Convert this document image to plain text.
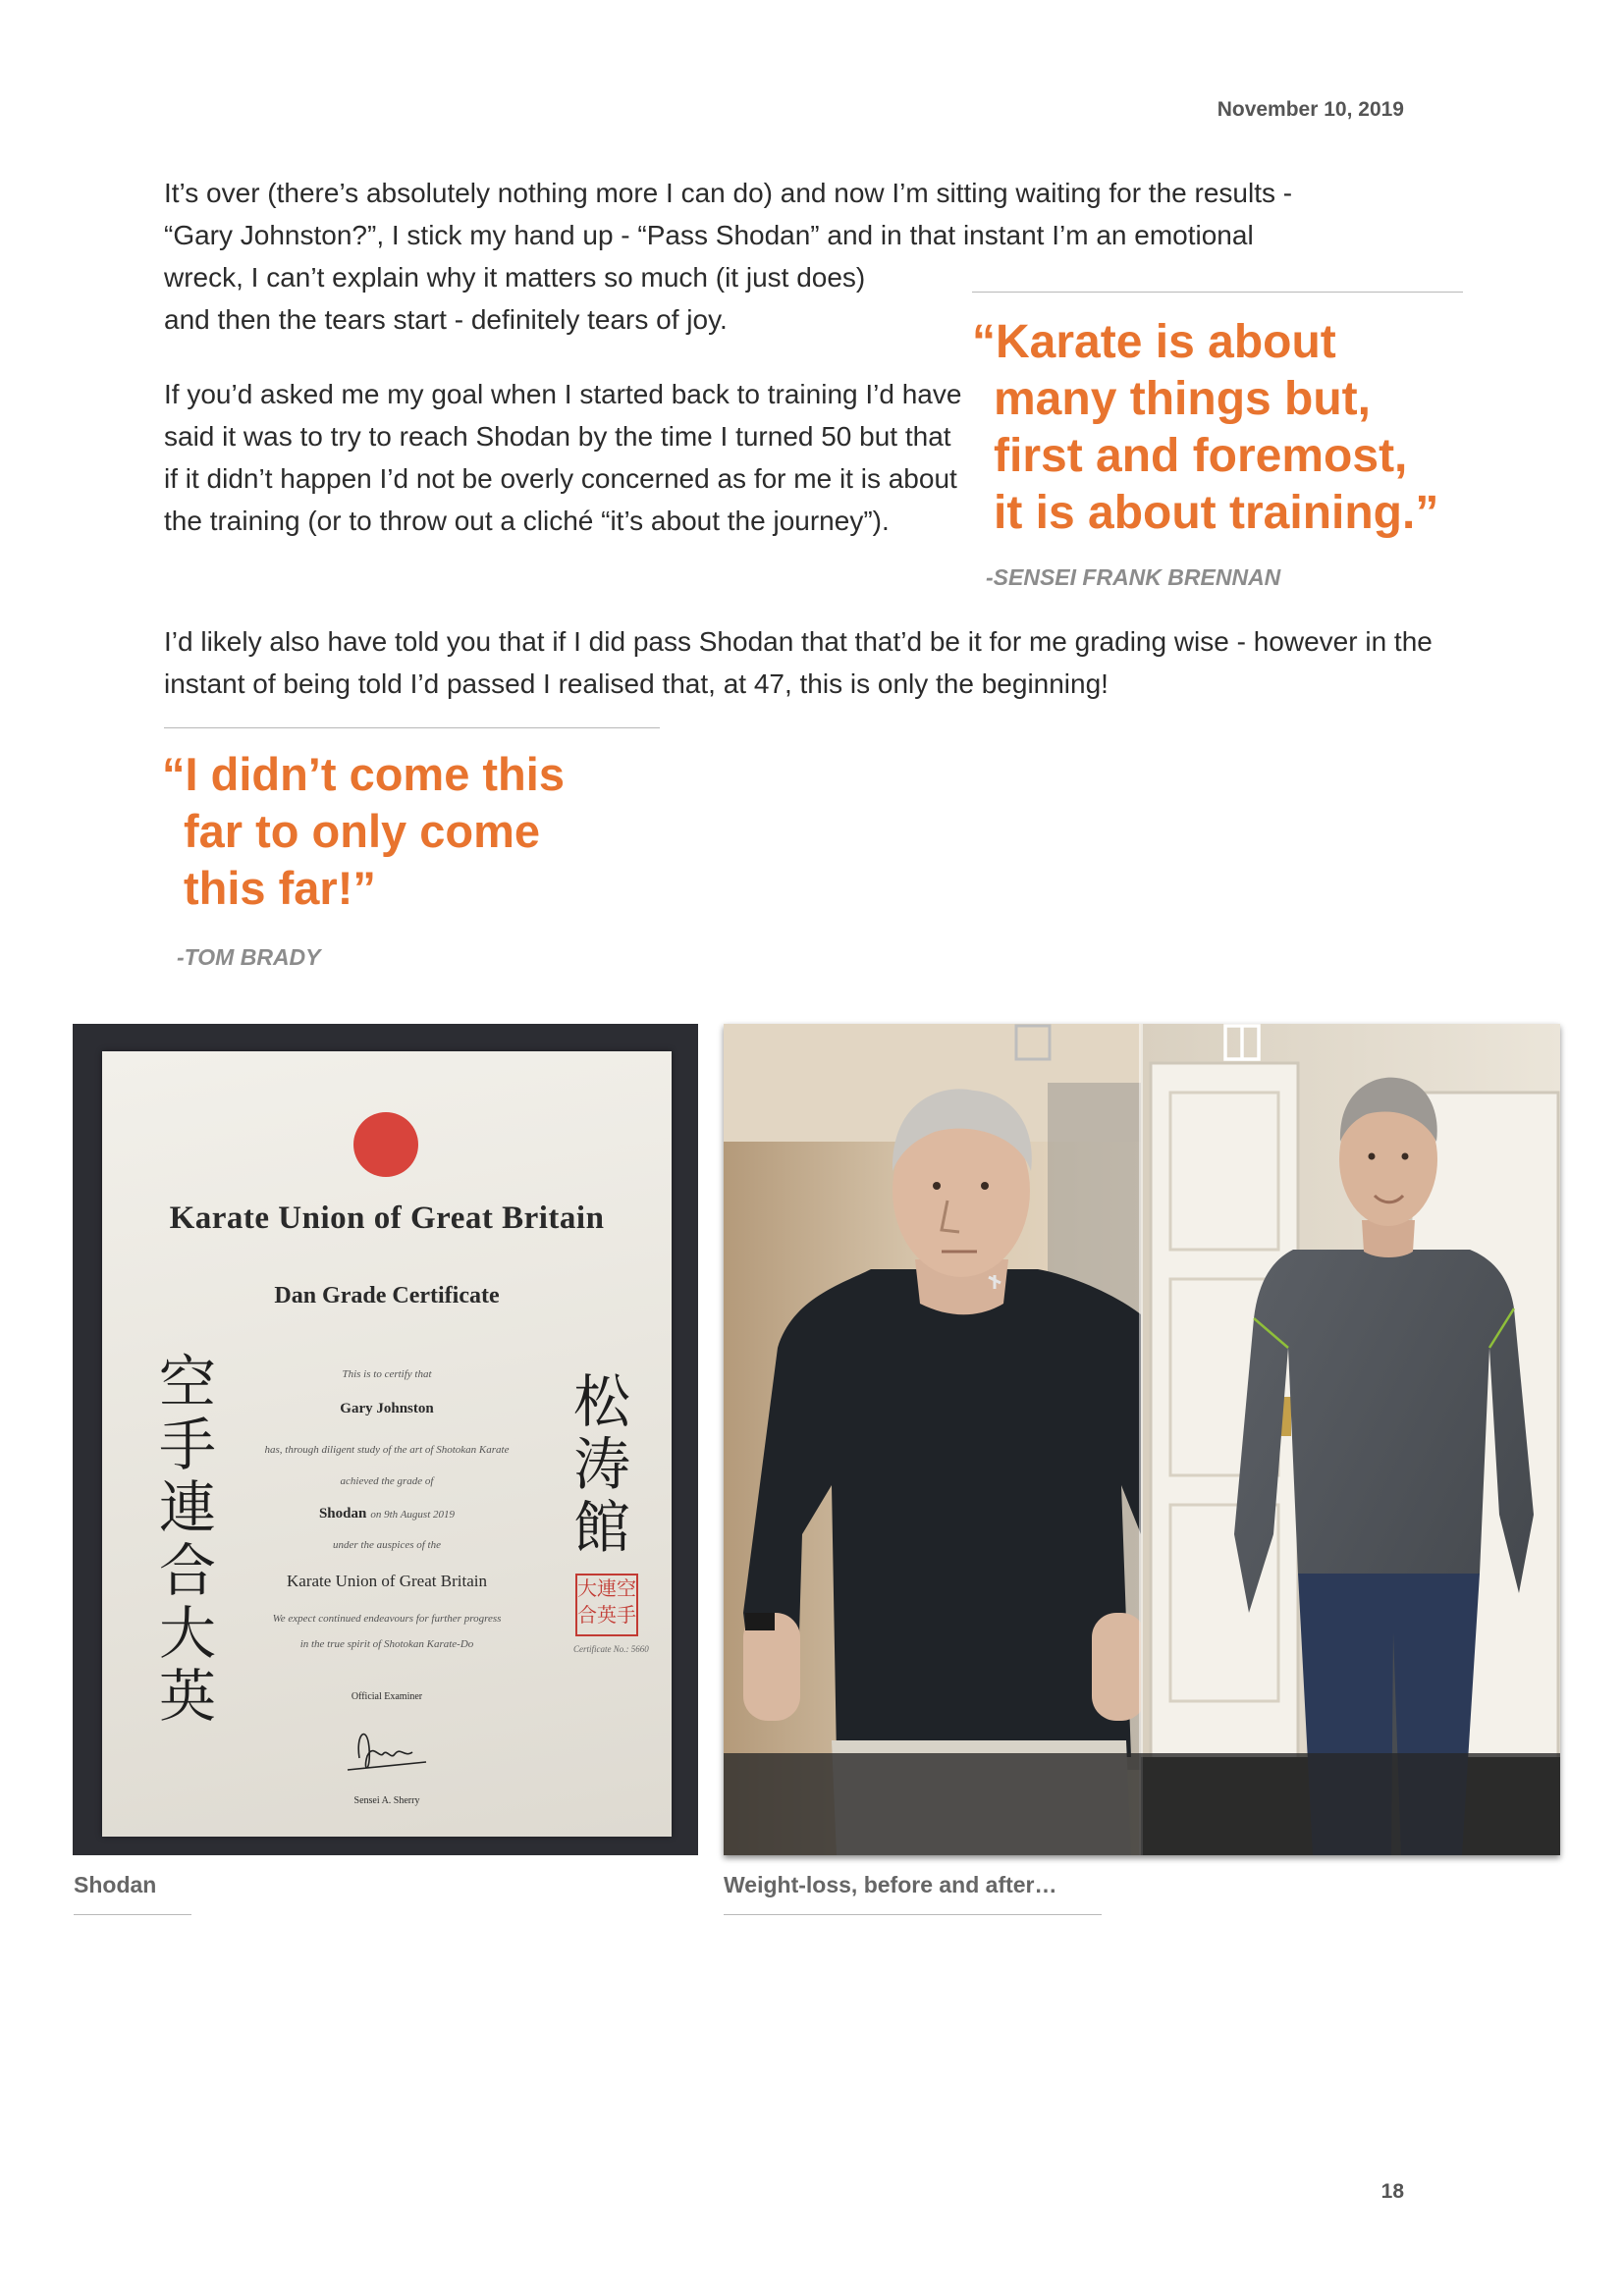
November 10, 2019
It’s over (there’s absolutely nothing more I can do) and now I’m sitting waiting for the results -
“Gary Johnston?”, I stick my hand up - “Pass Shodan” and in that instant I’m an emotional
wreck, I can’t explain why it matters so much (it just does)
and then the tears start - definitely tears of joy.

If you’d asked me my goal when I started back to training I’d have said it was to try to reach Shodan by the time I turned 50 but that if it didn’t happen I’d not be overly concerned as for me it is about the training (or to throw out a cliché “it’s about the journey”).

I’d likely also have told you that if I did pass Shodan that that’d be it for me grading wise - however in the instant of being told I’d passed I realised that, at 47, this is only the beginning!

“Karate is about
many things but,
first and foremost,
it is about training.”
-SENSEI FRANK BRENNAN
“I didn’t come this
far to only come
this far!”
-TOM BRADY
Karate Union of Great Britain
Dan Grade Certificate
This is to certify that
Gary Johnston
has, through diligent study of the art of Shotokan Karate
achieved the grade of
Shodan on 9th August 2019
under the auspices of the
Karate Union of Great Britain
We expect continued endeavours for further progress
in the true spirit of Shotokan Karate-Do
空
手
連
合
大
英
松
涛
館
大連空
合英手
Certificate No.: 5660
Official Examiner
Sensei A. Sherry
Shodan	Weight-loss, before and after…
18
